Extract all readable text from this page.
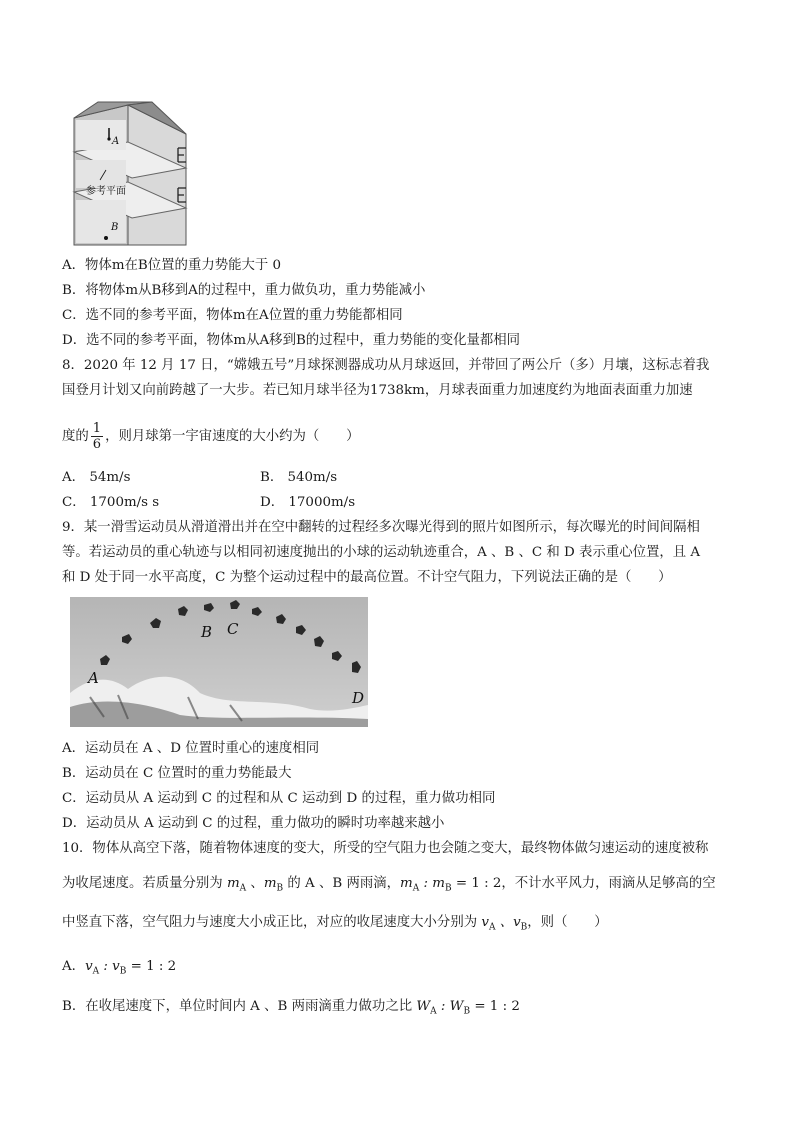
A
参考平面
B
A．物体m在B位置的重力势能大于 0
B．将物体m从B移到A的过程中，重力做负功，重力势能减小
C．选不同的参考平面，物体m在A位置的重力势能都相同
D．选不同的参考平面，物体m从A移到B的过程中，重力势能的变化量都相同
8．2020 年 12 月 17 日，“嫦娥五号”月球探测器成功从月球返回，并带回了两公斤（多）月壤，这标志着我
国登月计划又向前跨越了一大步。若已知月球半径为1738km，月球表面重力加速度约为地面表面重力加速
度的 $\frac{1}{6}$ ，则月球第一宇宙速度的大小约为（　　）
A． 54m/s	B． 540m/s
C． 1700m/s s	D． 17000m/s
9．某一滑雪运动员从滑道滑出并在空中翻转的过程经多次曝光得到的照片如图所示，每次曝光的时间间隔相
等。若运动员的重心轨迹与以相同初速度抛出的小球的运动轨迹重合，A 、B 、C 和 D 表示重心位置，且 A
和 D 处于同一水平高度，C 为整个运动过程中的最高位置。不计空气阻力，下列说法正确的是（　　）
A
B C
D
A．运动员在 A 、D 位置时重心的速度相同
B．运动员在 C 位置时的重力势能最大
C．运动员从 A 运动到 C 的过程和从 C 运动到 D 的过程，重力做功相同
D．运动员从 A 运动到 C 的过程，重力做功的瞬时功率越来越小
10．物体从高空下落，随着物体速度的变大，所受的空气阻力也会随之变大，最终物体做匀速运动的速度被称
为收尾速度。若质量分别为 $m_A$ 、$m_B$ 的 A 、B 两雨滴，$m_A$ : $m_B = 1$ : 2，不计水平风力，雨滴从足够高的空
中竖直下落，空气阻力与速度大小成正比，对应的收尾速度大小分别为 $v_A$ 、$v_B$，则（　　）
A．$v_A$ : $v_B = 1$ : 2
B．在收尾速度下，单位时间内 A 、B 两雨滴重力做功之比 $W_A$ : $W_B = 1$ : 2
